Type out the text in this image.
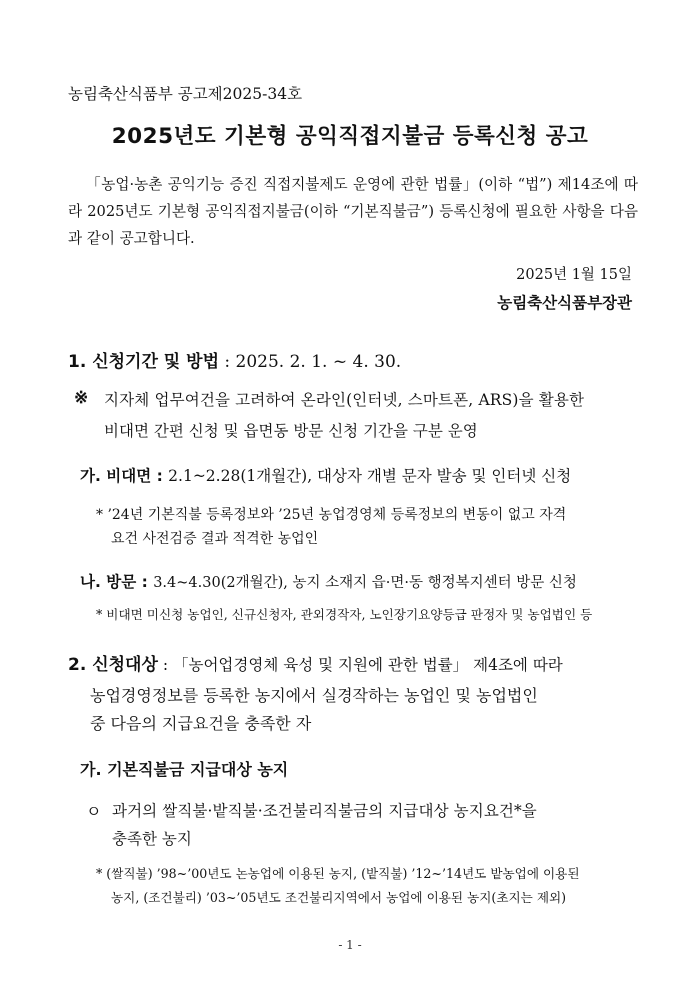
농림축산식품부 공고제2025-34호
2025년도 기본형 공익직접지불금 등록신청 공고
「농업·농촌 공익기능 증진 직접지불제도 운영에 관한 법률」(이하 “법”) 제14조에 따라 2025년도 기본형 공익직접지불금(이하 “기본직불금”) 등록신청에 필요한 사항을 다음과 같이 공고합니다.
2025년 1월 15일
농림축산식품부장관
1. 신청기간 및 방법 : 2025. 2. 1. ~ 4. 30.
※ 지자체 업무여건을 고려하여 온라인(인터넷, 스마트폰, ARS)을 활용한
비대면 간편 신청 및 읍면동 방문 신청 기간을 구분 운영
가. 비대면 : 2.1~2.28(1개월간), 대상자 개별 문자 발송 및 인터넷 신청
* ’24년 기본직불 등록정보와 ’25년 농업경영체 등록정보의 변동이 없고 자격
요건 사전검증 결과 적격한 농업인
나. 방문 : 3.4~4.30(2개월간), 농지 소재지 읍·면·동 행정복지센터 방문 신청
* 비대면 미신청 농업인, 신규신청자, 관외경작자, 노인장기요양등급 판정자 및 농업법인 등
2. 신청대상 : 「농어업경영체 육성 및 지원에 관한 법률」 제4조에 따라
농업경영정보를 등록한 농지에서 실경작하는 농업인 및 농업법인
중 다음의 지급요건을 충족한 자
가. 기본직불금 지급대상 농지
ㅇ 과거의 쌀직불·밭직불·조건불리직불금의 지급대상 농지요건*을
충족한 농지
* (쌀직불) ’98~’00년도 논농업에 이용된 농지, (밭직불) ’12~’14년도 밭농업에 이용된
농지, (조건불리) ’03~’05년도 조건불리지역에서 농업에 이용된 농지(초지는 제외)
- 1 -
